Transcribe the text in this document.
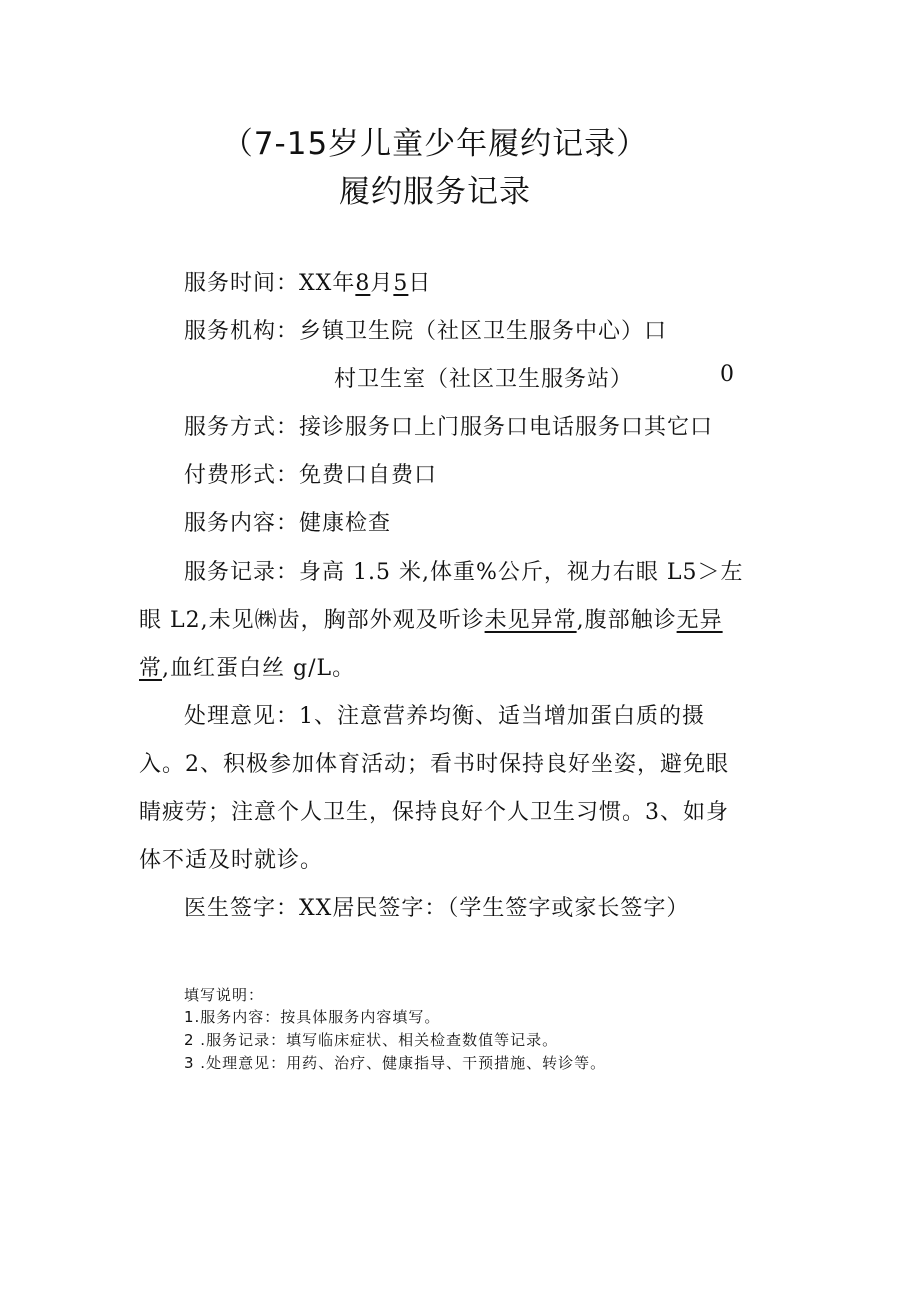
（7-15岁儿童少年履约记录）
履约服务记录
服务时间：XX年8月5日
服务机构：乡镇卫生院（社区卫生服务中心）口
村卫生室（社区卫生服务站）	0
服务方式：接诊服务口上门服务口电话服务口其它口
付费形式：免费口自费口
服务内容：健康检查
服务记录：身高 1.5 米,体重%公斤，视力右眼 L5＞左
眼 L2,未见㈱齿，胸部外观及听诊未见异常,腹部触诊无异
常,血红蛋白丝 g/L。
处理意见：1、注意营养均衡、适当增加蛋白质的摄
入。2、积极参加体育活动；看书时保持良好坐姿，避免眼
睛疲劳；注意个人卫生，保持良好个人卫生习惯。3、如身
体不适及时就诊。
医生签字：XX居民签字：（学生签字或家长签字）
填写说明：
1.服务内容：按具体服务内容填写。
2 .服务记录：填写临床症状、相关检查数值等记录。
3 .处理意见：用药、治疗、健康指导、干预措施、转诊等。
